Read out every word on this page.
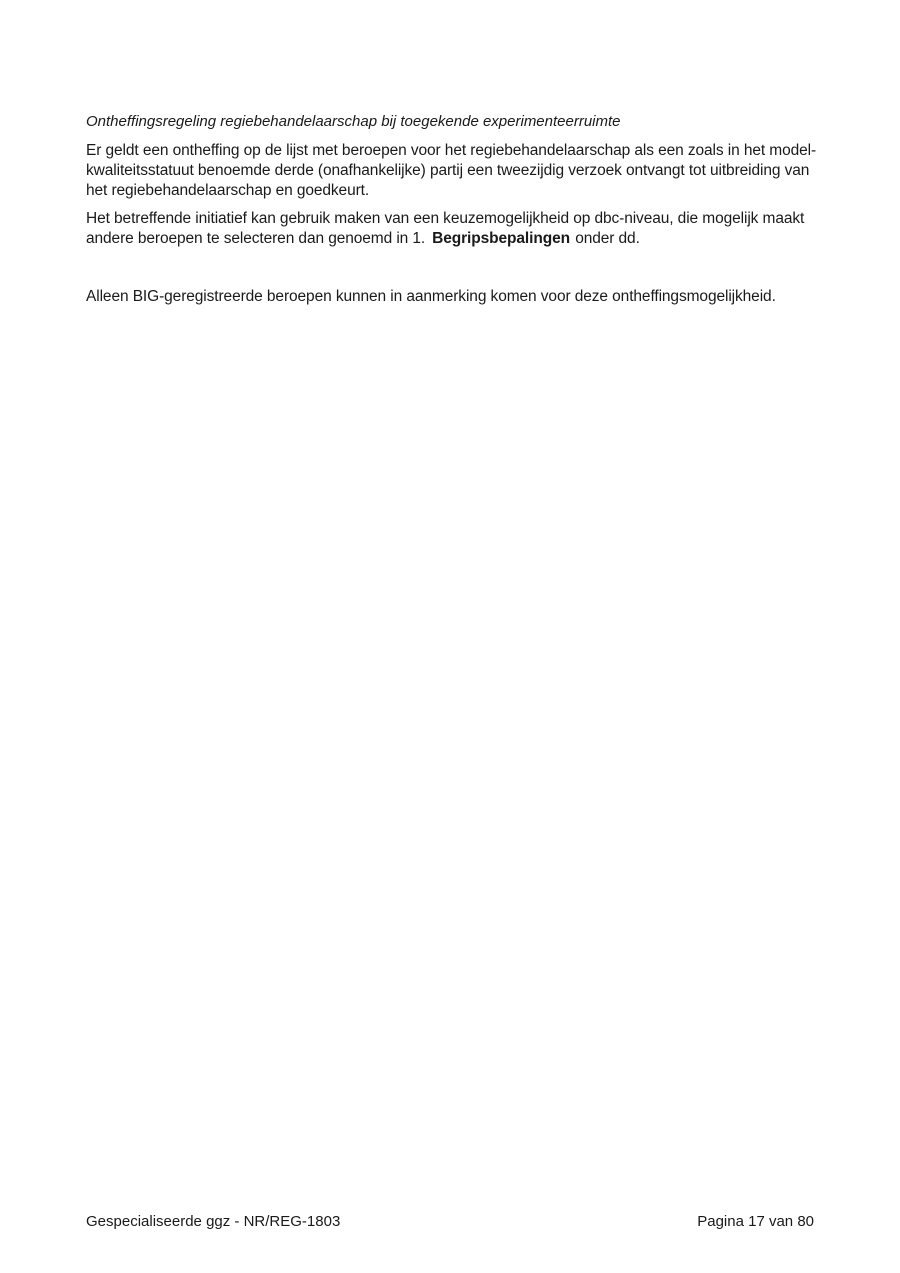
Ontheffingsregeling regiebehandelaarschap bij toegekende experimenteerruimte

Er geldt een ontheffing op de lijst met beroepen voor het regiebehandelaarschap als een zoals in het model-kwaliteitsstatuut benoemde derde (onafhankelijke) partij een tweezijdig verzoek ontvangt tot uitbreiding van het regiebehandelaarschap en goedkeurt.

Het betreffende initiatief kan gebruik maken van een keuzemogelijkheid op dbc-niveau, die mogelijk maakt andere beroepen te selecteren dan genoemd in 1. Begripsbepalingen onder dd.

Alleen BIG-geregistreerde beroepen kunnen in aanmerking komen voor deze ontheffingsmogelijkheid.

Gespecialiseerde ggz - NR/REG-1803	Pagina 17 van 80
